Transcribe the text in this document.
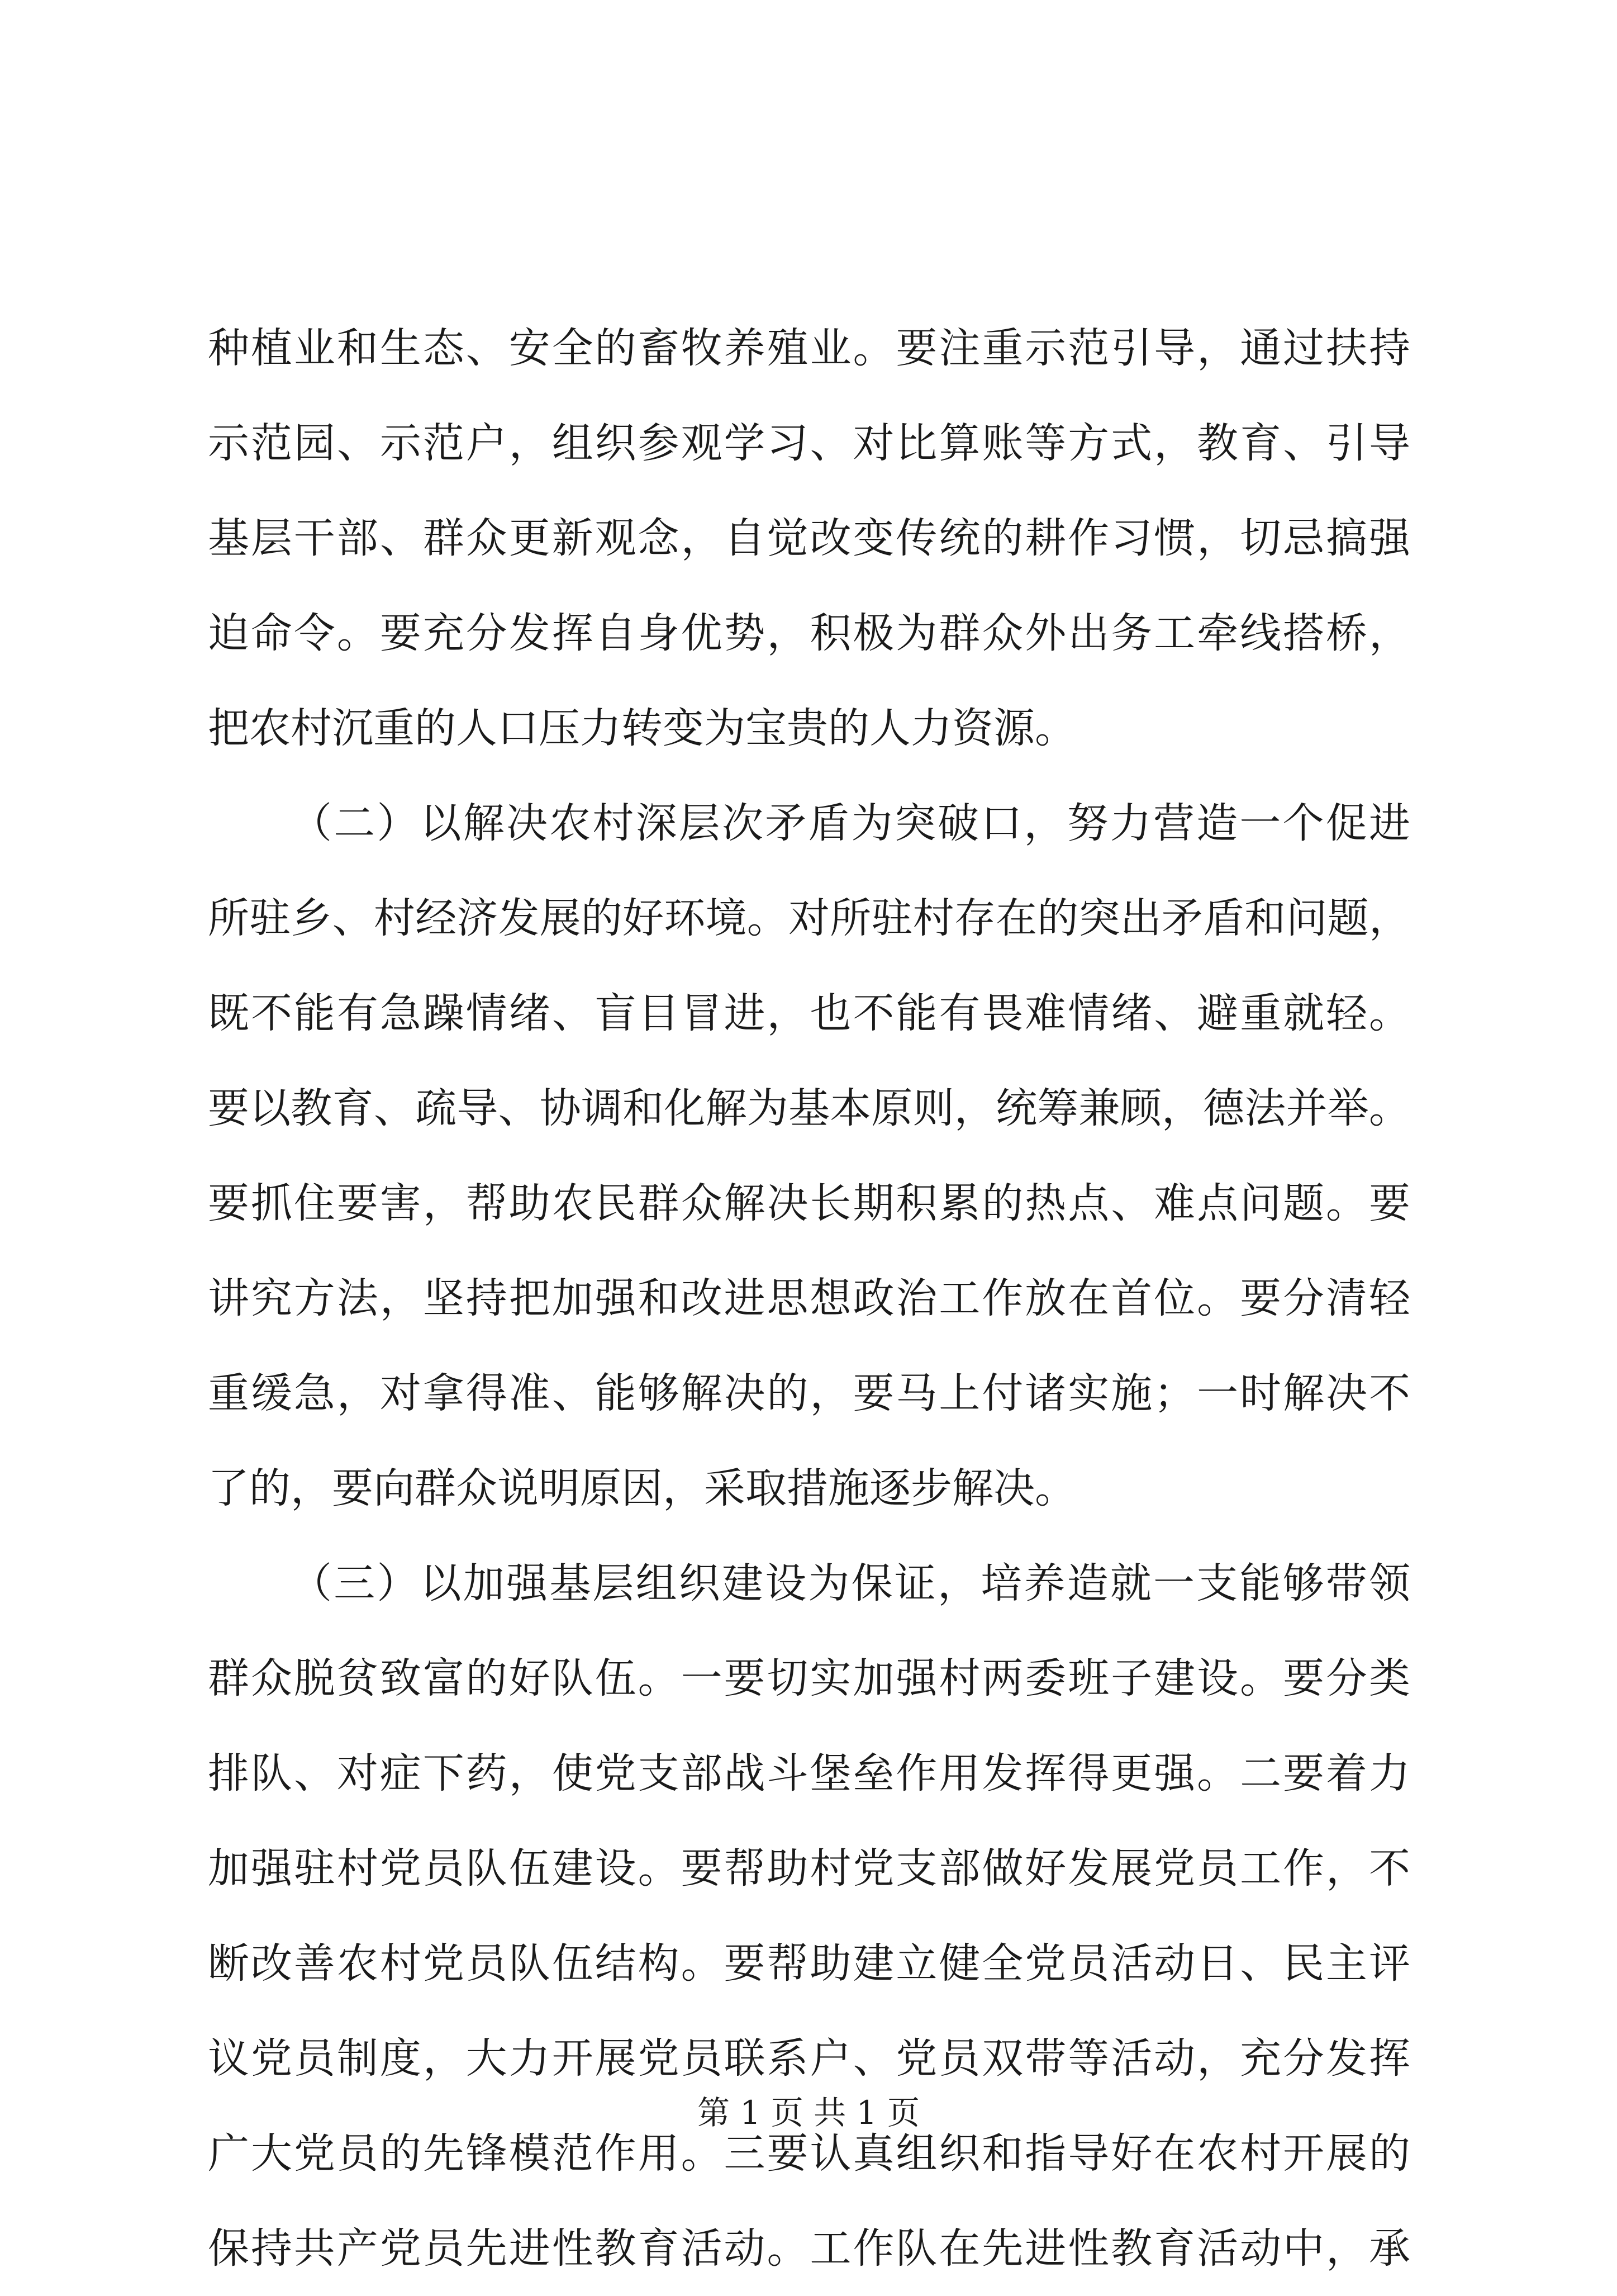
种植业和生态、安全的畜牧养殖业。要注重示范引导，通过扶持
示范园、示范户，组织参观学习、对比算账等方式，教育、引导
基层干部、群众更新观念，自觉改变传统的耕作习惯，切忌搞强
迫命令。要充分发挥自身优势，积极为群众外出务工牵线搭桥，
把农村沉重的人口压力转变为宝贵的人力资源。
（二）以解决农村深层次矛盾为突破口，努力营造一个促进
所驻乡、村经济发展的好环境。对所驻村存在的突出矛盾和问题，
既不能有急躁情绪、盲目冒进，也不能有畏难情绪、避重就轻。
要以教育、疏导、协调和化解为基本原则，统筹兼顾，德法并举。
要抓住要害，帮助农民群众解决长期积累的热点、难点问题。要
讲究方法，坚持把加强和改进思想政治工作放在首位。要分清轻
重缓急，对拿得准、能够解决的，要马上付诸实施；一时解决不
了的，要向群众说明原因，采取措施逐步解决。
（三）以加强基层组织建设为保证，培养造就一支能够带领
群众脱贫致富的好队伍。一要切实加强村两委班子建设。要分类
排队、对症下药，使党支部战斗堡垒作用发挥得更强。二要着力
加强驻村党员队伍建设。要帮助村党支部做好发展党员工作，不
断改善农村党员队伍结构。要帮助建立健全党员活动日、民主评
议党员制度，大力开展党员联系户、党员双带等活动，充分发挥
广大党员的先锋模范作用。三要认真组织和指导好在农村开展的
保持共产党员先进性教育活动。工作队在先进性教育活动中，承
第 1 页 共 1 页
